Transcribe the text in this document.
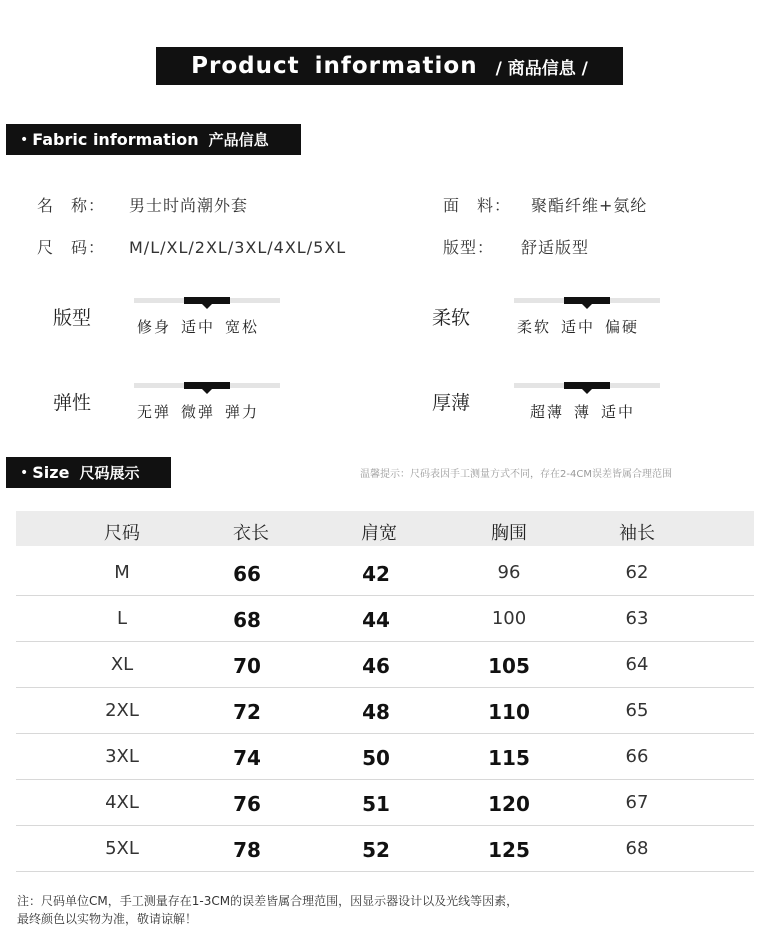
Product information / 商品信息 /
• Fabric information 产品信息
名　称： 男士时尚潮外套	面　料： 聚酯纤维+氨纶
尺　码： M/L/XL/2XL/3XL/4XL/5XL	版型： 舒适版型
版型	修身 适中 宽松	柔软	柔软 适中 偏硬
弹性	无弹 微弹 弹力	厚薄	超薄 薄 适中
• Size 尺码展示	温馨提示：尺码表因手工测量方式不同，存在2-4CM误差皆属合理范围
尺码	衣长	肩宽	胸围	袖长
M	66	42	96	62
L	68	44	100	63
XL	70	46	105	64
2XL	72	48	110	65
3XL	74	50	115	66
4XL	76	51	120	67
5XL	78	52	125	68
注：尺码单位CM，手工测量存在1-3CM的误差皆属合理范围，因显示器设计以及光线等因素，
最终颜色以实物为准，敬请谅解！
